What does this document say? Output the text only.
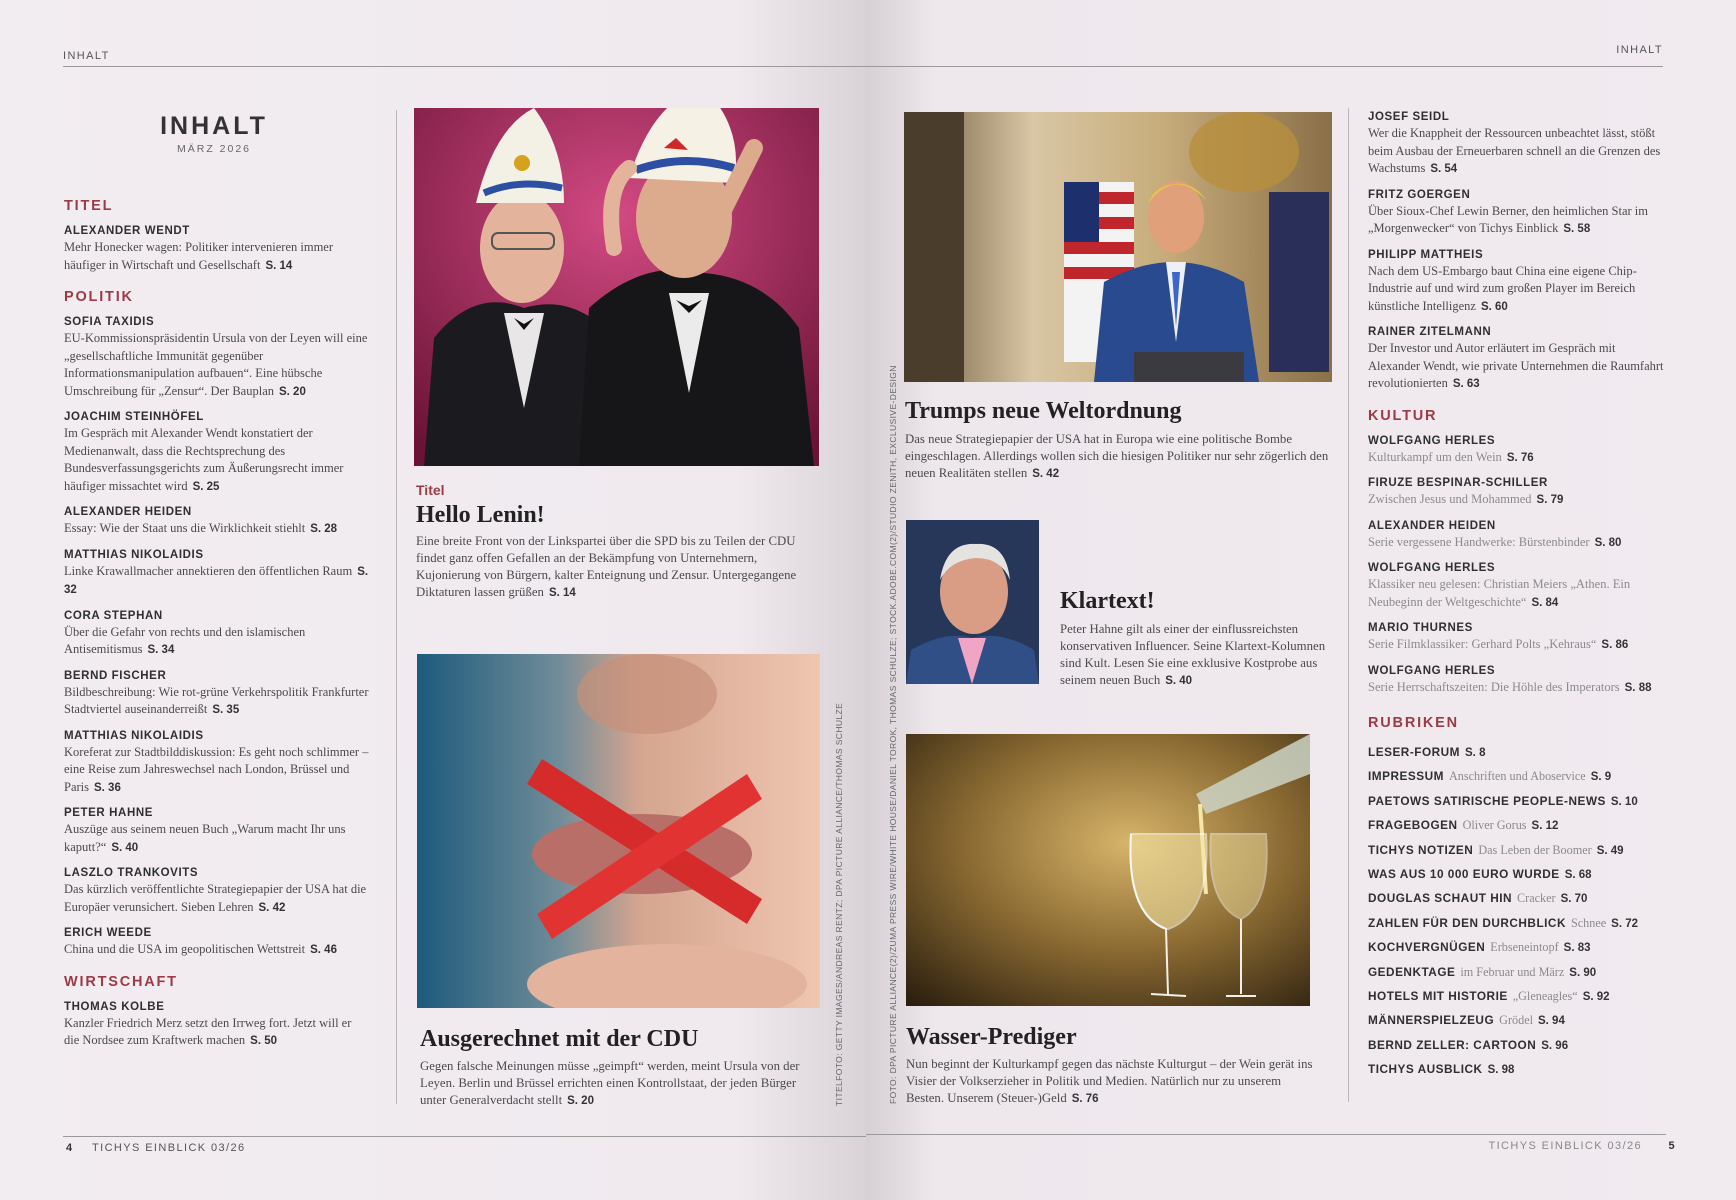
INHALT
INHALT
MÄRZ 2026
TITEL
ALEXANDER WENDT
Mehr Honecker wagen: Politiker intervenieren immer häufiger in Wirtschaft und Gesellschaft S. 14
POLITIK
SOFIA TAXIDIS
EU-Kommissionspräsidentin Ursula von der Leyen will eine „gesellschaftliche Immunität gegenüber Informationsmanipulation aufbauen“. Eine hübsche Umschreibung für „Zensur“. Der Bauplan S. 20
JOACHIM STEINHÖFEL
Im Gespräch mit Alexander Wendt konstatiert der Medienanwalt, dass die Rechtsprechung des Bundesverfassungsgerichts zum Äußerungsrecht immer häufiger missachtet wird S. 25
ALEXANDER HEIDEN
Essay: Wie der Staat uns die Wirklichkeit stiehlt S. 28
MATTHIAS NIKOLAIDIS
Linke Krawallmacher annektieren den öffentlichen Raum S. 32
CORA STEPHAN
Über die Gefahr von rechts und den islamischen Antisemitismus S. 34
BERND FISCHER
Bildbeschreibung: Wie rot-grüne Verkehrspolitik Frankfurter Stadtviertel auseinanderreißt S. 35
MATTHIAS NIKOLAIDIS
Koreferat zur Stadtbilddiskussion: Es geht noch schlimmer – eine Reise zum Jahreswechsel nach London, Brüssel und Paris S. 36
PETER HAHNE
Auszüge aus seinem neuen Buch „Warum macht Ihr uns kaputt?“ S. 40
LASZLO TRANKOVITS
Das kürzlich veröffentlichte Strategiepapier der USA hat die Europäer verunsichert. Sieben Lehren S. 42
ERICH WEEDE
China und die USA im geopolitischen Wettstreit S. 46
WIRTSCHAFT
THOMAS KOLBE
Kanzler Friedrich Merz setzt den Irrweg fort. Jetzt will er die Nordsee zum Kraftwerk machen S. 50
Titel
Hello Lenin!
Eine breite Front von der Linkspartei über die SPD bis zu Teilen der CDU findet ganz offen Gefallen an der Bekämpfung von Unternehmern, Kujonierung von Bürgern, kalter Enteignung und Zensur. Untergegangene Diktaturen lassen grüßen S. 14
Ausgerechnet mit der CDU
Gegen falsche Meinungen müsse „geimpft“ werden, meint Ursula von der Leyen. Berlin und Brüssel errichten einen Kontrollstaat, der jeden Bürger unter Generalverdacht stellt S. 20	TITELFOTO: GETTY IMAGES/ANDREAS RENTZ; DPA PICTURE ALLIANCE/THOMAS SCHULZE
4 TICHYS EINBLICK 03/26
INHALT
Trumps neue Weltordnung
Das neue Strategiepapier der USA hat in Europa wie eine politische Bombe eingeschlagen. Allerdings wollen sich die hiesigen Politiker nur sehr zögerlich den neuen Realitäten stellen S. 42
Klartext!
Peter Hahne gilt als einer der einflussreichsten konservativen Influencer. Seine Klartext-Kolumnen sind Kult. Lesen Sie eine exklusive Kostprobe aus seinem neuen Buch S. 40
Wasser-Prediger
Nun beginnt der Kulturkampf gegen das nächste Kulturgut – der Wein gerät ins Visier der Volkserzieher in Politik und Medien. Natürlich nur zu unserem Besten. Unserem (Steuer-)Geld S. 76
FOTO: DPA PICTURE ALLIANCE(2)/ZUMA PRESS WIRE/WHITE HOUSE/DANIEL TOROK, THOMAS SCHULZE; STOCK.ADOBE.COM(2)/STUDIO ZENITH, EXCLUSIVE-DESIGN
JOSEF SEIDL
Wer die Knappheit der Ressourcen unbeachtet lässt, stößt beim Ausbau der Erneuerbaren schnell an die Grenzen des Wachstums S. 54
FRITZ GOERGEN
Über Sioux-Chef Lewin Berner, den heimlichen Star im „Morgenwecker“ von Tichys Einblick S. 58
PHILIPP MATTHEIS
Nach dem US-Embargo baut China eine eigene Chip-Industrie auf und wird zum großen Player im Bereich künstliche Intelligenz S. 60
RAINER ZITELMANN
Der Investor und Autor erläutert im Gespräch mit Alexander Wendt, wie private Unternehmen die Raumfahrt revolutionierten S. 63
KULTUR
WOLFGANG HERLES
Kulturkampf um den Wein S. 76
FIRUZE BESPINAR-SCHILLER
Zwischen Jesus und Mohammed S. 79
ALEXANDER HEIDEN
Serie vergessene Handwerke: Bürstenbinder S. 80
WOLFGANG HERLES
Klassiker neu gelesen: Christian Meiers „Athen. Ein Neubeginn der Weltgeschichte“ S. 84
MARIO THURNES
Serie Filmklassiker: Gerhard Polts „Kehraus“ S. 86
WOLFGANG HERLES
Serie Herrschaftszeiten: Die Höhle des Imperators S. 88
RUBRIKEN
LESER-FORUM S. 8
IMPRESSUM Anschriften und Aboservice S. 9
PAETOWS SATIRISCHE PEOPLE-NEWS S. 10
FRAGEBOGEN Oliver Gorus S. 12
TICHYS NOTIZEN Das Leben der Boomer S. 49
WAS AUS 10 000 EURO WURDE S. 68
DOUGLAS SCHAUT HIN Cracker S. 70
ZAHLEN FÜR DEN DURCHBLICK Schnee S. 72
KOCHVERGNÜGEN Erbseneintopf S. 83
GEDENKTAGE im Februar und März S. 90
HOTELS MIT HISTORIE „Gleneagles“ S. 92
MÄNNERSPIELZEUG Grödel S. 94
BERND ZELLER: CARTOON S. 96
TICHYS AUSBLICK S. 98
TICHYS EINBLICK 03/26 5
